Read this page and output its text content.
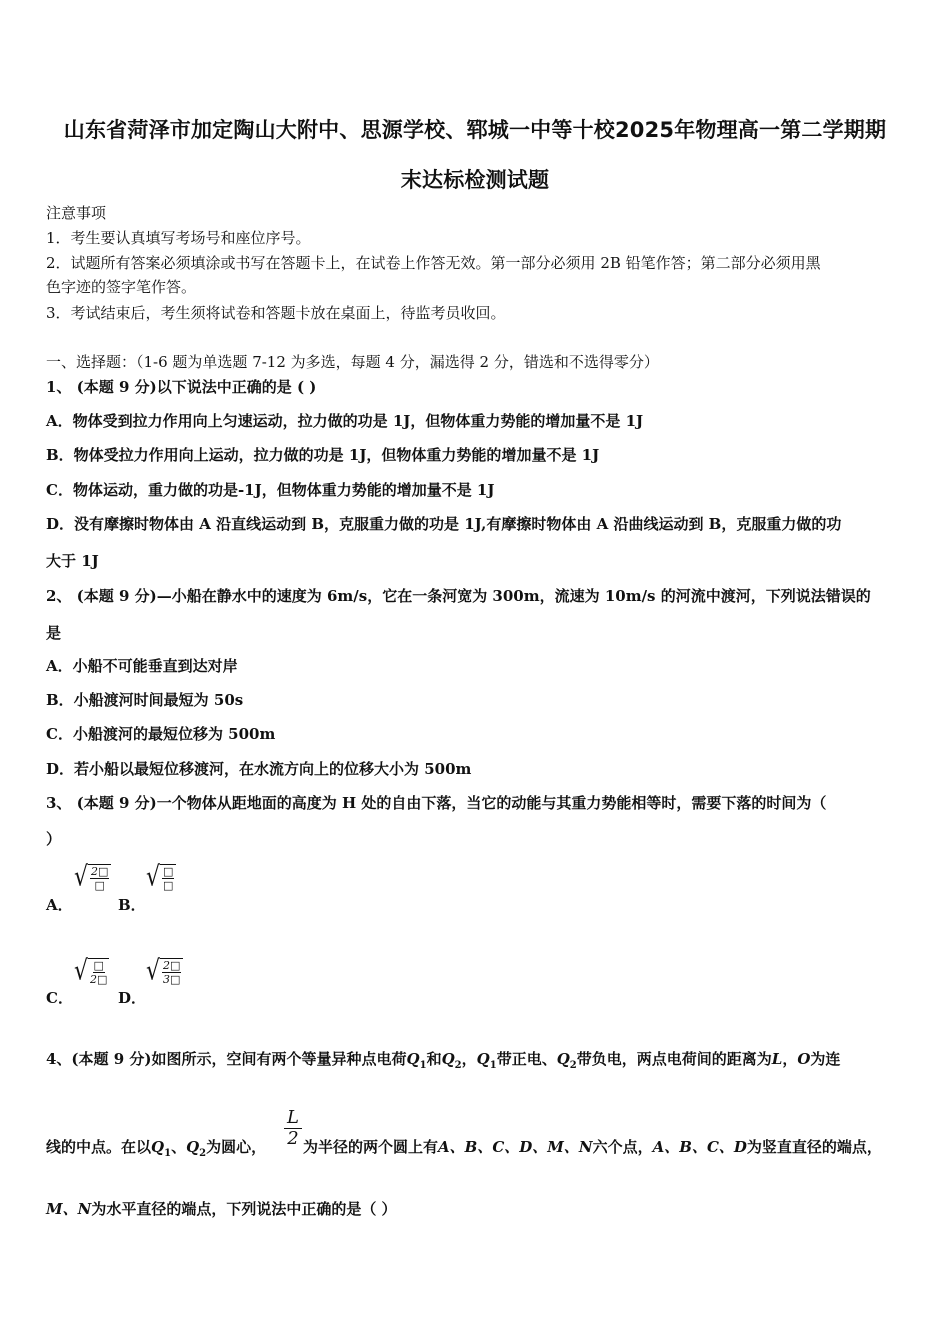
山东省菏泽市加定陶山大附中、思源学校、郓城一中等十校2025年物理高一第二学期期
末达标检测试题
注意事项
1．考生要认真填写考场号和座位序号。
2．试题所有答案必须填涂或书写在答题卡上，在试卷上作答无效。第一部分必须用 2B 铅笔作答；第二部分必须用黑
色字迹的签字笔作答。
3．考试结束后，考生须将试卷和答题卡放在桌面上，待监考员收回。
一、选择题：（1-6 题为单选题 7-12 为多选，每题 4 分，漏选得 2 分，错选和不选得零分）
1、 (本题 9 分)以下说法中正确的是 ( )
A．物体受到拉力作用向上匀速运动，拉力做的功是 1J，但物体重力势能的增加量不是 1J
B．物体受拉力作用向上运动，拉力做的功是 1J，但物体重力势能的增加量不是 1J
C．物体运动，重力做的功是-1J，但物体重力势能的增加量不是 1J
D．没有摩擦时物体由 A 沿直线运动到 B，克服重力做的功是 1J,有摩擦时物体由 A 沿曲线运动到 B，克服重力做的功
大于 1J
2、 (本题 9 分)—小船在静水中的速度为 6m/s，它在一条河宽为 300m，流速为 10m/s 的河流中渡河，下列说法错误的
是
A．小船不可能垂直到达对岸
B．小船渡河时间最短为 50s
C．小船渡河的最短位移为 500m
D．若小船以最短位移渡河，在水流方向上的位移大小为 500m
3、 (本题 9 分)一个物体从距地面的高度为 H 处的自由下落，当它的动能与其重力势能相等时，需要下落的时间为（
）
A．
√ $\frac{2□}{□}$
B．
√ $\frac{□}{□}$
C．
√ $\frac{□}{2□}$
D．
√ $\frac{2□}{3□}$
4、(本题 9 分)如图所示，空间有两个等量异种点电荷$Q_1$和$Q_2$，$Q_1$带正电、$Q_2$带负电，两点电荷间的距离为L，O为连
$\frac{L}{2}$
线的中点。在以$Q_1$、$Q_2$为圆心， 为半径的两个圆上有A、B、C、D、M、N六个点，A、B、C、D为竖直直径的端点，
M、N为水平直径的端点，下列说法中正确的是（ ）
